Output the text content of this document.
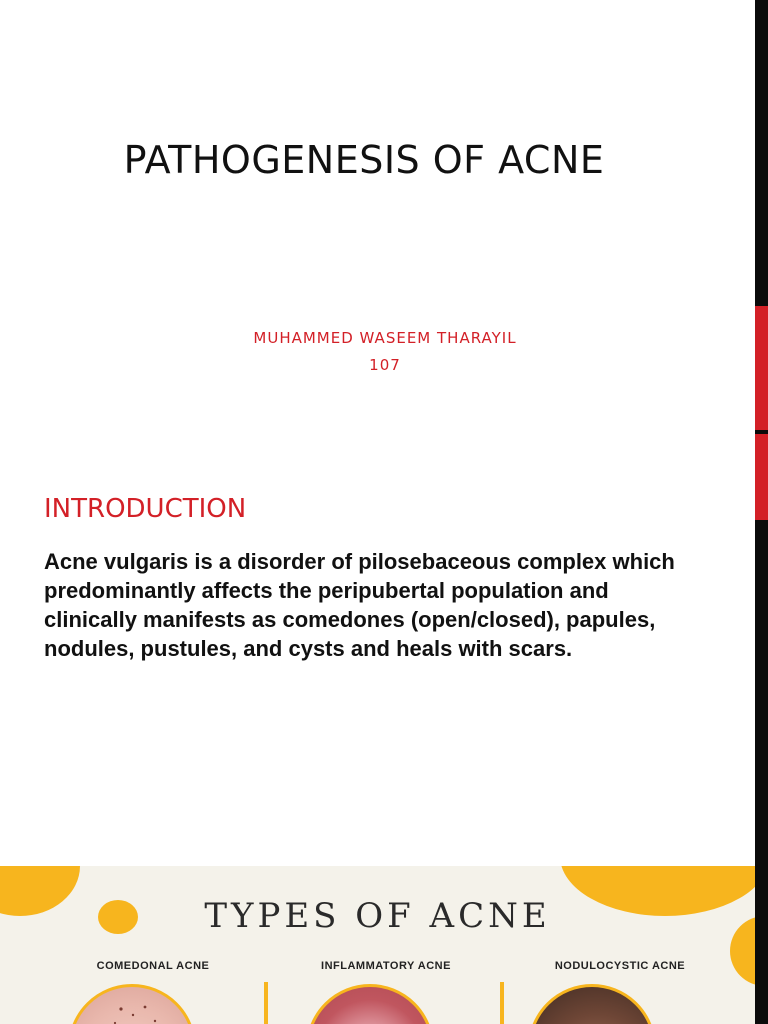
PATHOGENESIS OF ACNE
MUHAMMED WASEEM THARAYIL
107
INTRODUCTION
Acne vulgaris is a disorder of pilosebaceous complex which predominantly affects the peripubertal population and clinically manifests as comedones (open/closed), papules, nodules, pustules, and cysts and heals with scars.
TYPES OF ACNE
COMEDONAL ACNE	INFLAMMATORY ACNE	NODULOCYSTIC ACNE
